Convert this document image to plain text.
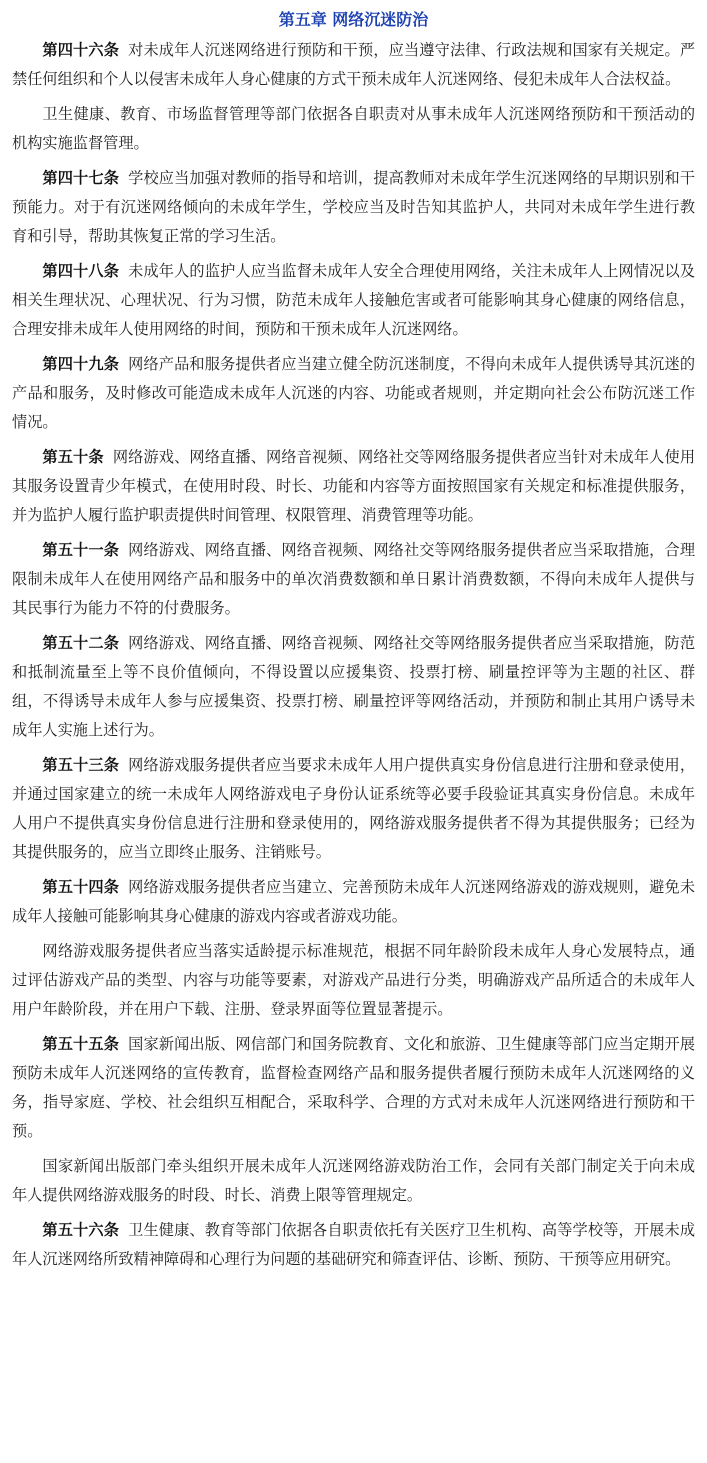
第五章 网络沉迷防治

第四十六条 对未成年人沉迷网络进行预防和干预，应当遵守法律、行政法规和国家有关规定。严禁任何组织和个人以侵害未成年人身心健康的方式干预未成年人沉迷网络、侵犯未成年人合法权益。

卫生健康、教育、市场监督管理等部门依据各自职责对从事未成年人沉迷网络预防和干预活动的机构实施监督管理。

第四十七条 学校应当加强对教师的指导和培训，提高教师对未成年学生沉迷网络的早期识别和干预能力。对于有沉迷网络倾向的未成年学生，学校应当及时告知其监护人，共同对未成年学生进行教育和引导，帮助其恢复正常的学习生活。

第四十八条 未成年人的监护人应当监督未成年人安全合理使用网络，关注未成年人上网情况以及相关生理状况、心理状况、行为习惯，防范未成年人接触危害或者可能影响其身心健康的网络信息，合理安排未成年人使用网络的时间，预防和干预未成年人沉迷网络。

第四十九条 网络产品和服务提供者应当建立健全防沉迷制度，不得向未成年人提供诱导其沉迷的产品和服务，及时修改可能造成未成年人沉迷的内容、功能或者规则，并定期向社会公布防沉迷工作情况。

第五十条 网络游戏、网络直播、网络音视频、网络社交等网络服务提供者应当针对未成年人使用其服务设置青少年模式，在使用时段、时长、功能和内容等方面按照国家有关规定和标准提供服务，并为监护人履行监护职责提供时间管理、权限管理、消费管理等功能。

第五十一条 网络游戏、网络直播、网络音视频、网络社交等网络服务提供者应当采取措施，合理限制未成年人在使用网络产品和服务中的单次消费数额和单日累计消费数额，不得向未成年人提供与其民事行为能力不符的付费服务。

第五十二条 网络游戏、网络直播、网络音视频、网络社交等网络服务提供者应当采取措施，防范和抵制流量至上等不良价值倾向，不得设置以应援集资、投票打榜、刷量控评等为主题的社区、群组，不得诱导未成年人参与应援集资、投票打榜、刷量控评等网络活动，并预防和制止其用户诱导未成年人实施上述行为。

第五十三条 网络游戏服务提供者应当要求未成年人用户提供真实身份信息进行注册和登录使用，并通过国家建立的统一未成年人网络游戏电子身份认证系统等必要手段验证其真实身份信息。未成年人用户不提供真实身份信息进行注册和登录使用的，网络游戏服务提供者不得为其提供服务；已经为其提供服务的，应当立即终止服务、注销账号。

第五十四条 网络游戏服务提供者应当建立、完善预防未成年人沉迷网络游戏的游戏规则，避免未成年人接触可能影响其身心健康的游戏内容或者游戏功能。

网络游戏服务提供者应当落实适龄提示标准规范，根据不同年龄阶段未成年人身心发展特点，通过评估游戏产品的类型、内容与功能等要素，对游戏产品进行分类，明确游戏产品所适合的未成年人用户年龄阶段，并在用户下载、注册、登录界面等位置显著提示。

第五十五条 国家新闻出版、网信部门和国务院教育、文化和旅游、卫生健康等部门应当定期开展预防未成年人沉迷网络的宣传教育，监督检查网络产品和服务提供者履行预防未成年人沉迷网络的义务，指导家庭、学校、社会组织互相配合，采取科学、合理的方式对未成年人沉迷网络进行预防和干预。

国家新闻出版部门牵头组织开展未成年人沉迷网络游戏防治工作，会同有关部门制定关于向未成年人提供网络游戏服务的时段、时长、消费上限等管理规定。

第五十六条 卫生健康、教育等部门依据各自职责依托有关医疗卫生机构、高等学校等，开展未成年人沉迷网络所致精神障碍和心理行为问题的基础研究和筛查评估、诊断、预防、干预等应用研究。
